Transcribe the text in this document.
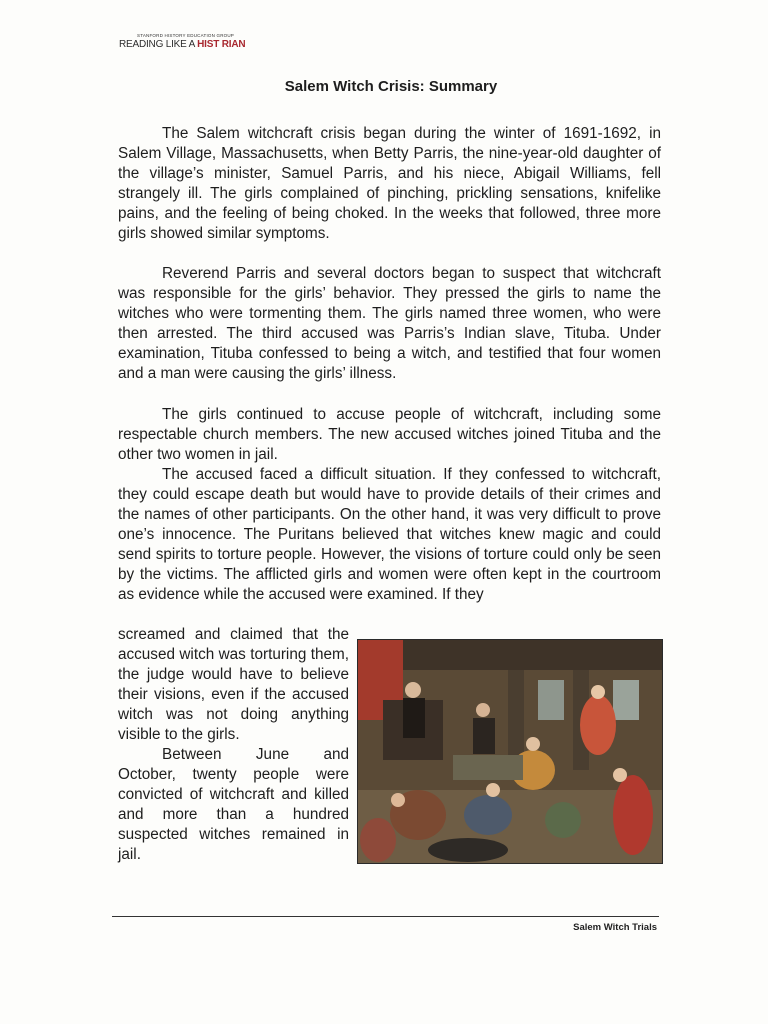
STANFORD HISTORY EDUCATION GROUP
READING LIKE A HIST RIAN
Salem Witch Crisis: Summary

The Salem witchcraft crisis began during the winter of 1691-1692, in Salem Village, Massachusetts, when Betty Parris, the nine-year-old daughter of the village’s minister, Samuel Parris, and his niece, Abigail Williams, fell strangely ill. The girls complained of pinching, prickling sensations, knifelike pains, and the feeling of being choked. In the weeks that followed, three more girls showed similar symptoms.

Reverend Parris and several doctors began to suspect that witchcraft was responsible for the girls’ behavior. They pressed the girls to name the witches who were tormenting them. The girls named three women, who were then arrested. The third accused was Parris’s Indian slave, Tituba. Under examination, Tituba confessed to being a witch, and testified that four women and a man were causing the girls’ illness.

The girls continued to accuse people of witchcraft, including some respectable church members. The new accused witches joined Tituba and the other two women in jail.

The accused faced a difficult situation. If they confessed to witchcraft, they could escape death but would have to provide details of their crimes and the names of other participants. On the other hand, it was very difficult to prove one’s innocence. The Puritans believed that witches knew magic and could send spirits to torture people. However, the visions of torture could only be seen by the victims. The afflicted girls and women were often kept in the courtroom as evidence while the accused were examined. If they

screamed and claimed that the accused witch was torturing them, the judge would have to believe their visions, even if the accused witch was not doing anything visible to the girls.

Between June and October, twenty people were convicted of witchcraft and killed and more than a hundred suspected witches remained in jail.

Salem Witch Trials
